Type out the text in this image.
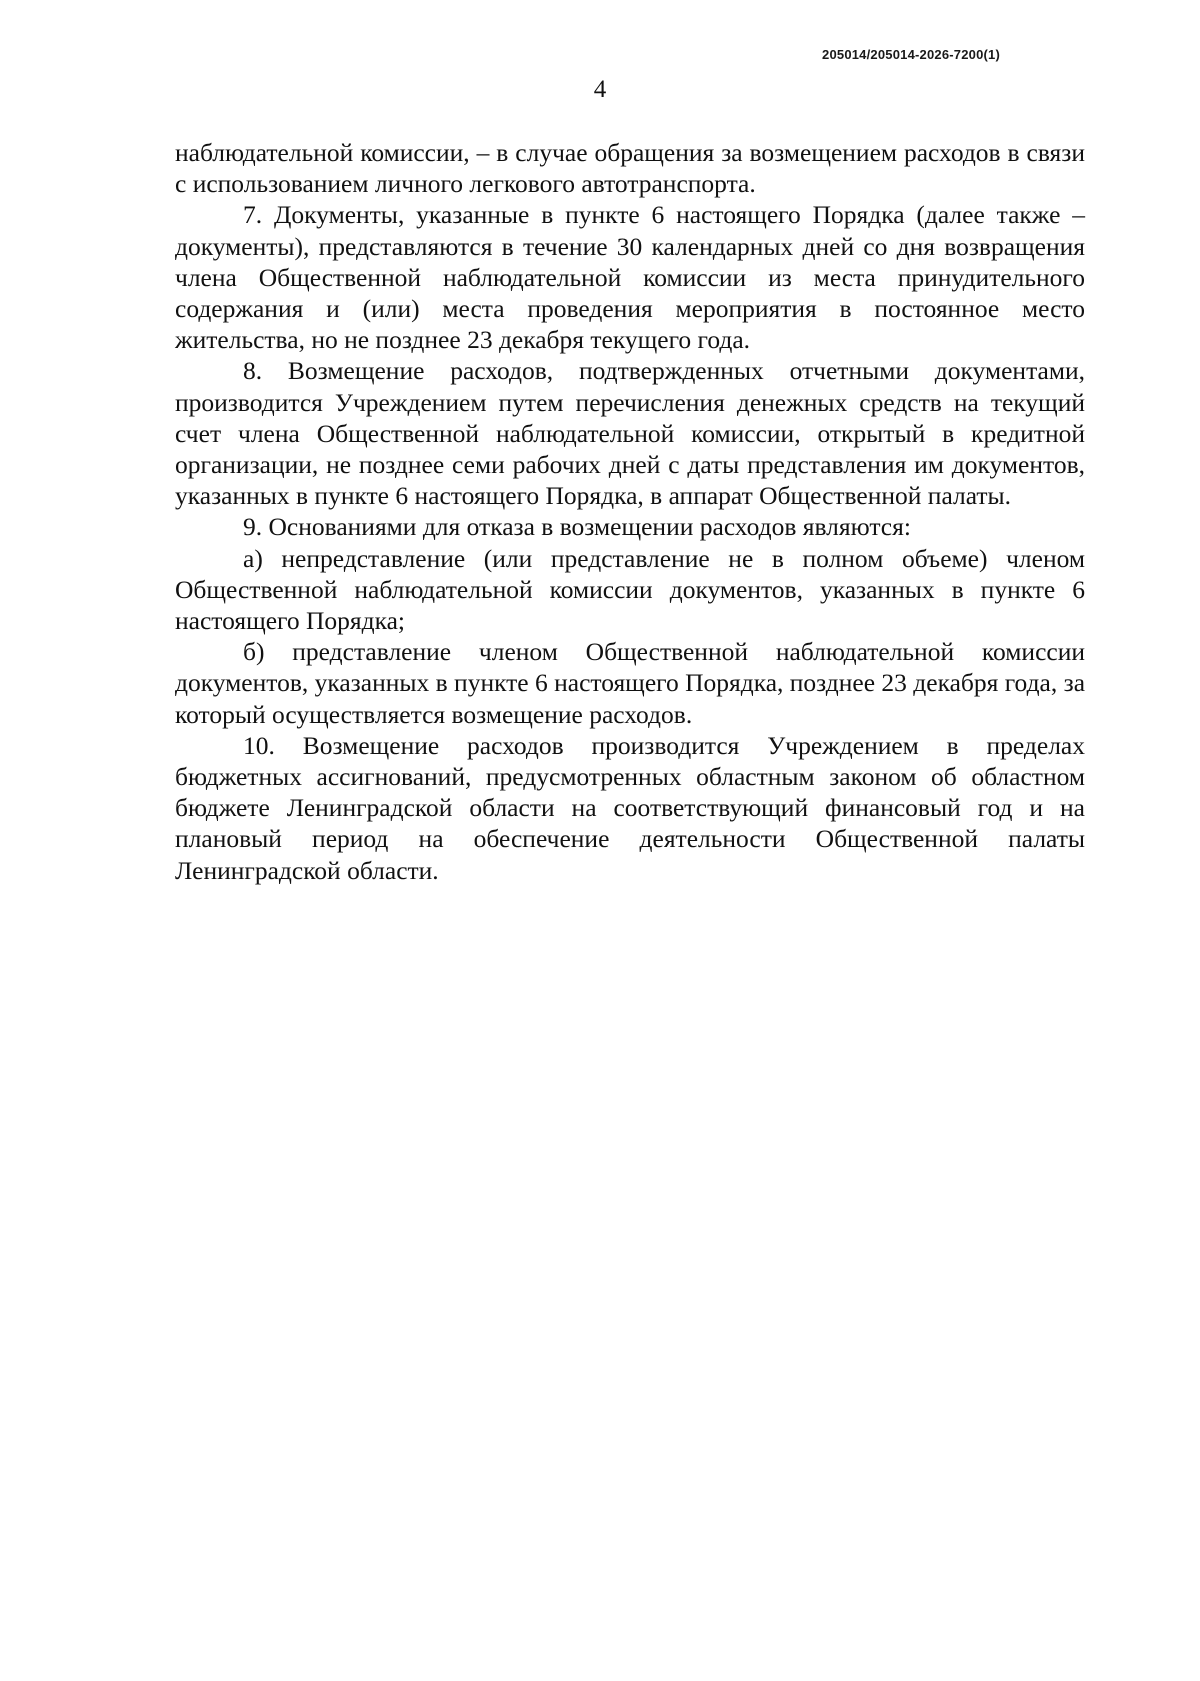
205014/205014-2026-7200(1)
4

наблюдательной комиссии, – в случае обращения за возмещением расходов в связи с использованием личного легкового автотранспорта.

7. Документы, указанные в пункте 6 настоящего Порядка (далее также – документы), представляются в течение 30 календарных дней со дня возвращения члена Общественной наблюдательной комиссии из места принудительного содержания и (или) места проведения мероприятия в постоянное место жительства, но не позднее 23 декабря текущего года.

8. Возмещение расходов, подтвержденных отчетными документами, производится Учреждением путем перечисления денежных средств на текущий счет члена Общественной наблюдательной комиссии, открытый в кредитной организации, не позднее семи рабочих дней с даты представления им документов, указанных в пункте 6 настоящего Порядка, в аппарат Общественной палаты.

9. Основаниями для отказа в возмещении расходов являются:

а) непредставление (или представление не в полном объеме) членом Общественной наблюдательной комиссии документов, указанных в пункте 6 настоящего Порядка;

б) представление членом Общественной наблюдательной комиссии документов, указанных в пункте 6 настоящего Порядка, позднее 23 декабря года, за который осуществляется возмещение расходов.

10. Возмещение расходов производится Учреждением в пределах бюджетных ассигнований, предусмотренных областным законом об областном бюджете Ленинградской области на соответствующий финансовый год и на плановый период на обеспечение деятельности Общественной палаты Ленинградской области.
